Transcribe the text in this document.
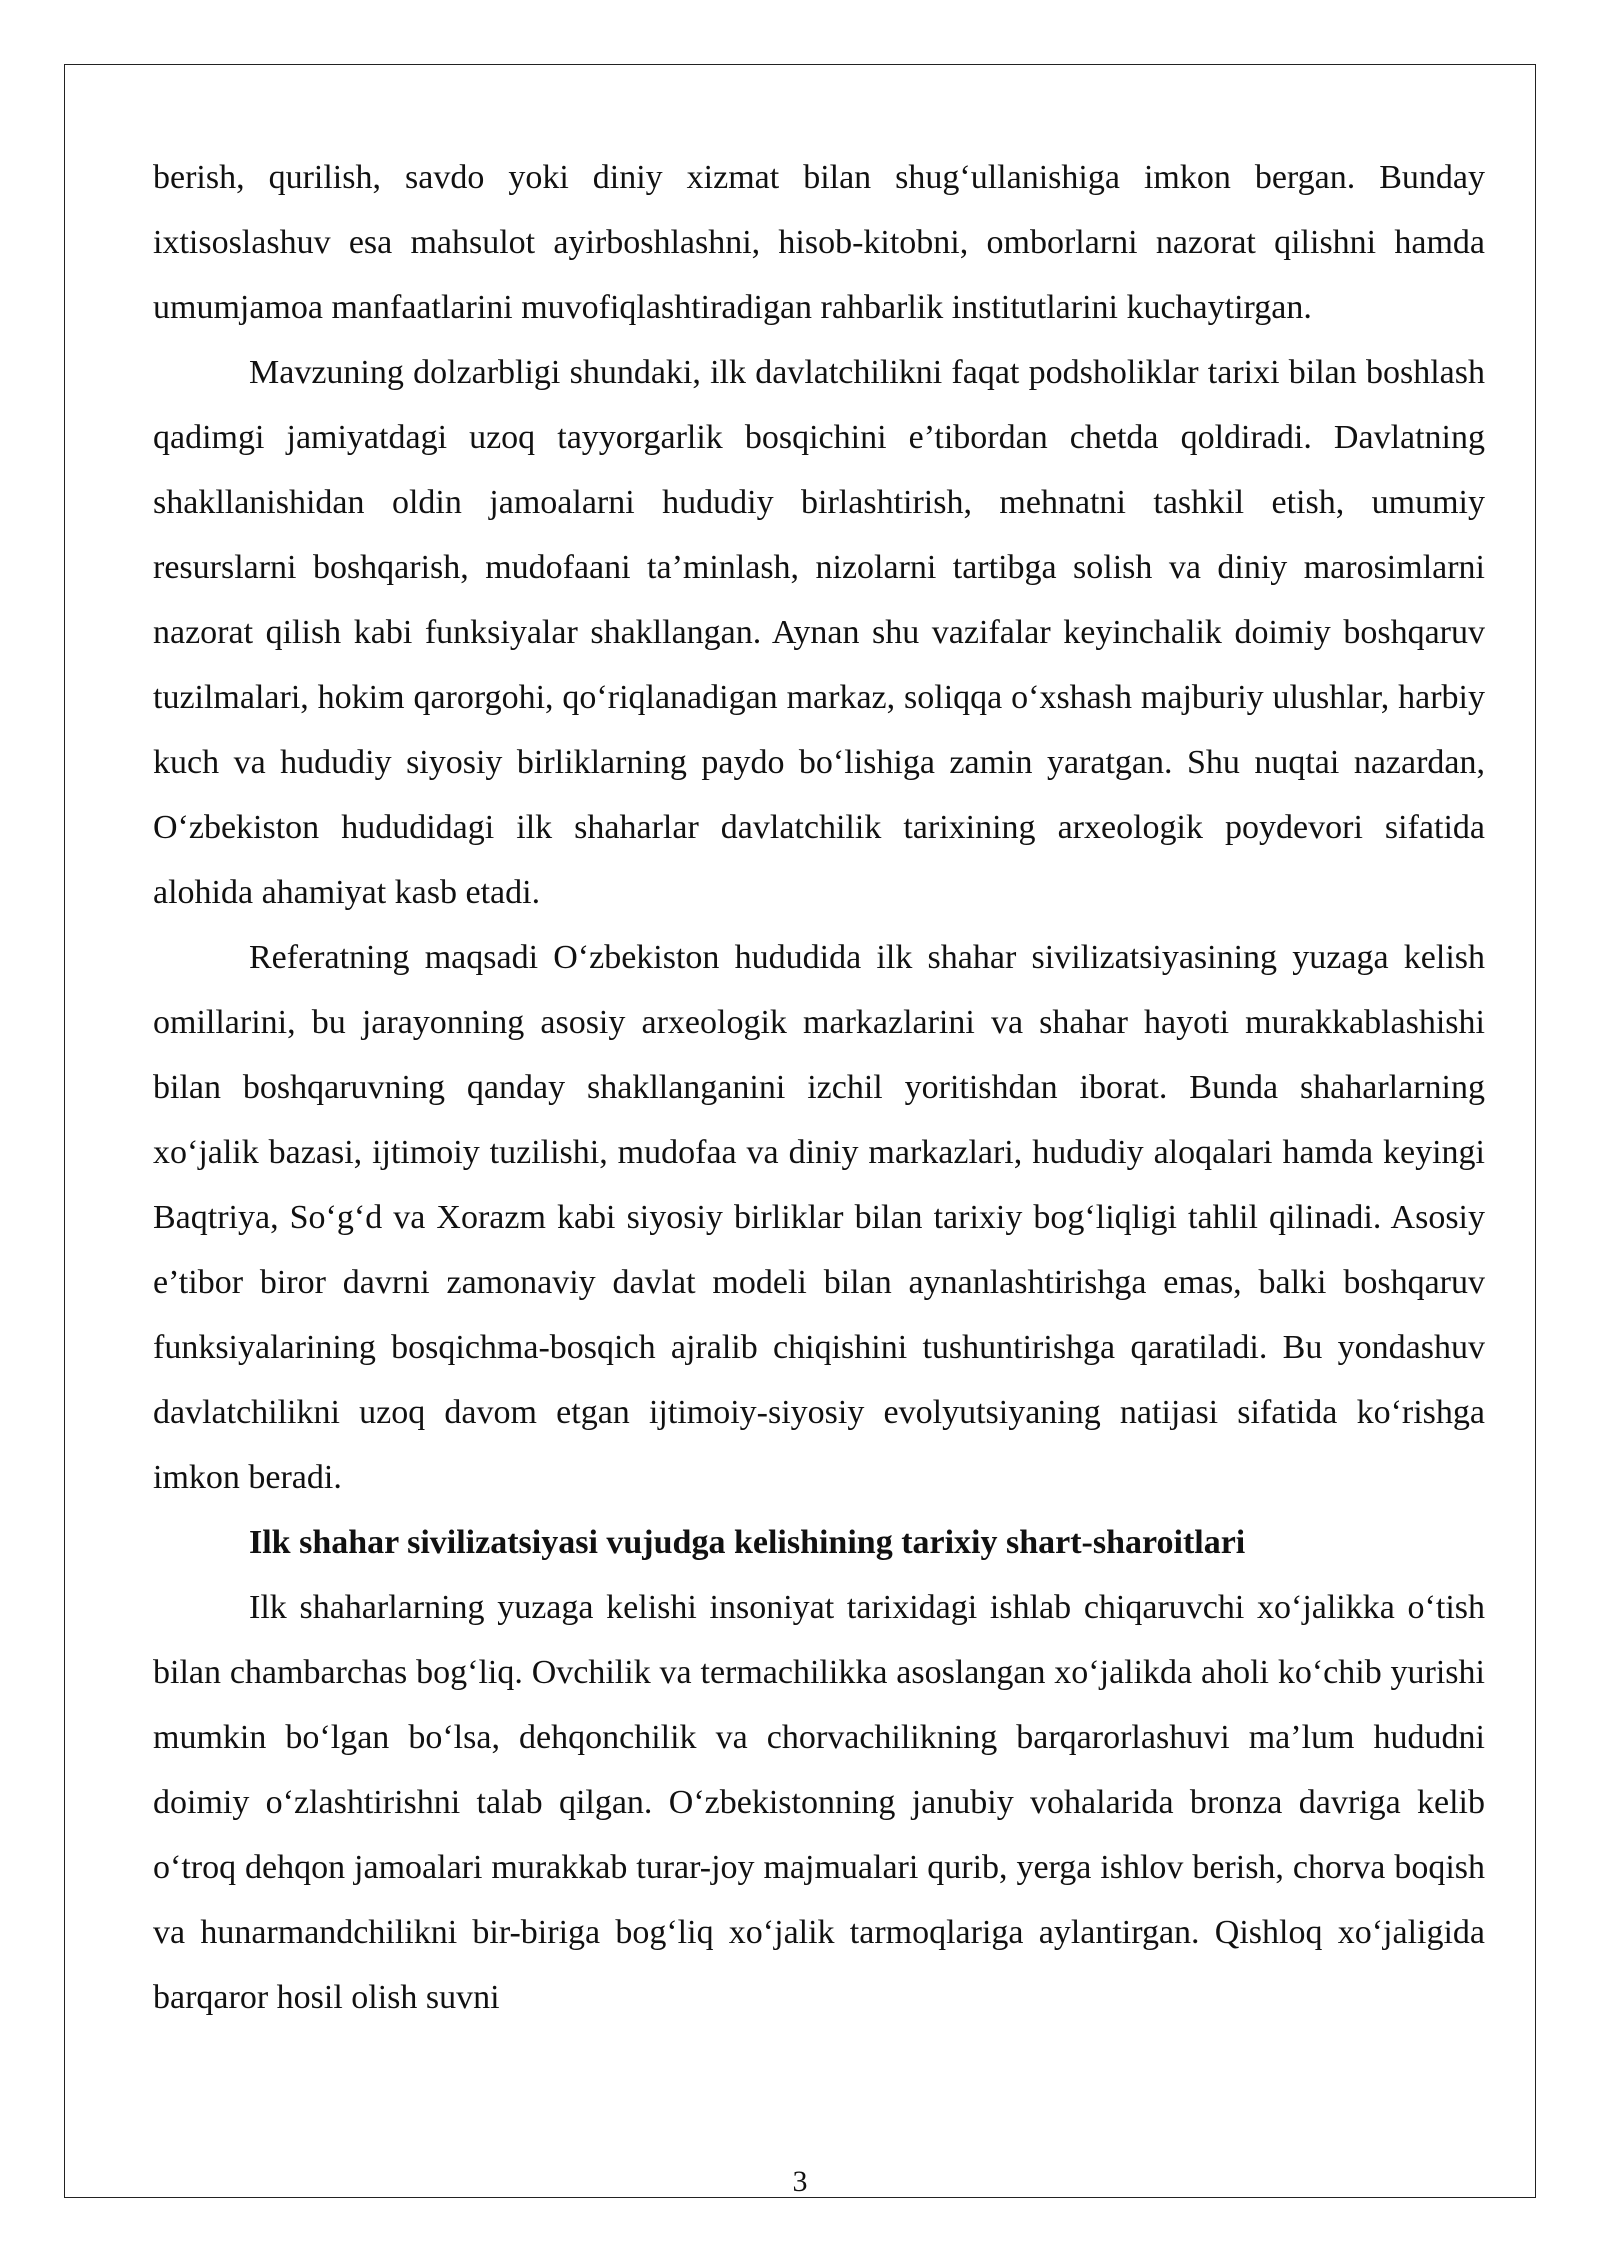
berish, qurilish, savdo yoki diniy xizmat bilan shug‘ullanishiga imkon bergan. Bunday ixtisoslashuv esa mahsulot ayirboshlashni, hisob-kitobni, omborlarni nazorat qilishni hamda umumjamoa manfaatlarini muvofiqlashtiradigan rahbarlik institutlarini kuchaytirgan.

Mavzuning dolzarbligi shundaki, ilk davlatchilikni faqat podsholiklar tarixi bilan boshlash qadimgi jamiyatdagi uzoq tayyorgarlik bosqichini e’tibordan chetda qoldiradi. Davlatning shakllanishidan oldin jamoalarni hududiy birlashtirish, mehnatni tashkil etish, umumiy resurslarni boshqarish, mudofaani ta’minlash, nizolarni tartibga solish va diniy marosimlarni nazorat qilish kabi funksiyalar shakllangan. Aynan shu vazifalar keyinchalik doimiy boshqaruv tuzilmalari, hokim qarorgohi, qo‘riqlanadigan markaz, soliqqa o‘xshash majburiy ulushlar, harbiy kuch va hududiy siyosiy birliklarning paydo bo‘lishiga zamin yaratgan. Shu nuqtai nazardan, O‘zbekiston hududidagi ilk shaharlar davlatchilik tarixining arxeologik poydevori sifatida alohida ahamiyat kasb etadi.

Referatning maqsadi O‘zbekiston hududida ilk shahar sivilizatsiyasining yuzaga kelish omillarini, bu jarayonning asosiy arxeologik markazlarini va shahar hayoti murakkablashishi bilan boshqaruvning qanday shakllanganini izchil yoritishdan iborat. Bunda shaharlarning xo‘jalik bazasi, ijtimoiy tuzilishi, mudofaa va diniy markazlari, hududiy aloqalari hamda keyingi Baqtriya, So‘g‘d va Xorazm kabi siyosiy birliklar bilan tarixiy bog‘liqligi tahlil qilinadi. Asosiy e’tibor biror davrni zamonaviy davlat modeli bilan aynanlashtirishga emas, balki boshqaruv funksiyalarining bosqichma-bosqich ajralib chiqishini tushuntirishga qaratiladi. Bu yondashuv davlatchilikni uzoq davom etgan ijtimoiy-siyosiy evolyutsiyaning natijasi sifatida ko‘rishga imkon beradi.

Ilk shahar sivilizatsiyasi vujudga kelishining tarixiy shart-sharoitlari

Ilk shaharlarning yuzaga kelishi insoniyat tarixidagi ishlab chiqaruvchi xo‘jalikka o‘tish bilan chambarchas bog‘liq. Ovchilik va termachilikka asoslangan xo‘jalikda aholi ko‘chib yurishi mumkin bo‘lgan bo‘lsa, dehqonchilik va chorvachilikning barqarorlashuvi ma’lum hududni doimiy o‘zlashtirishni talab qilgan. O‘zbekistonning janubiy vohalarida bronza davriga kelib o‘troq dehqon jamoalari murakkab turar-joy majmualari qurib, yerga ishlov berish, chorva boqish va hunarmandchilikni bir-biriga bog‘liq xo‘jalik tarmoqlariga aylantirgan. Qishloq xo‘jaligida barqaror hosil olish suvni

3
